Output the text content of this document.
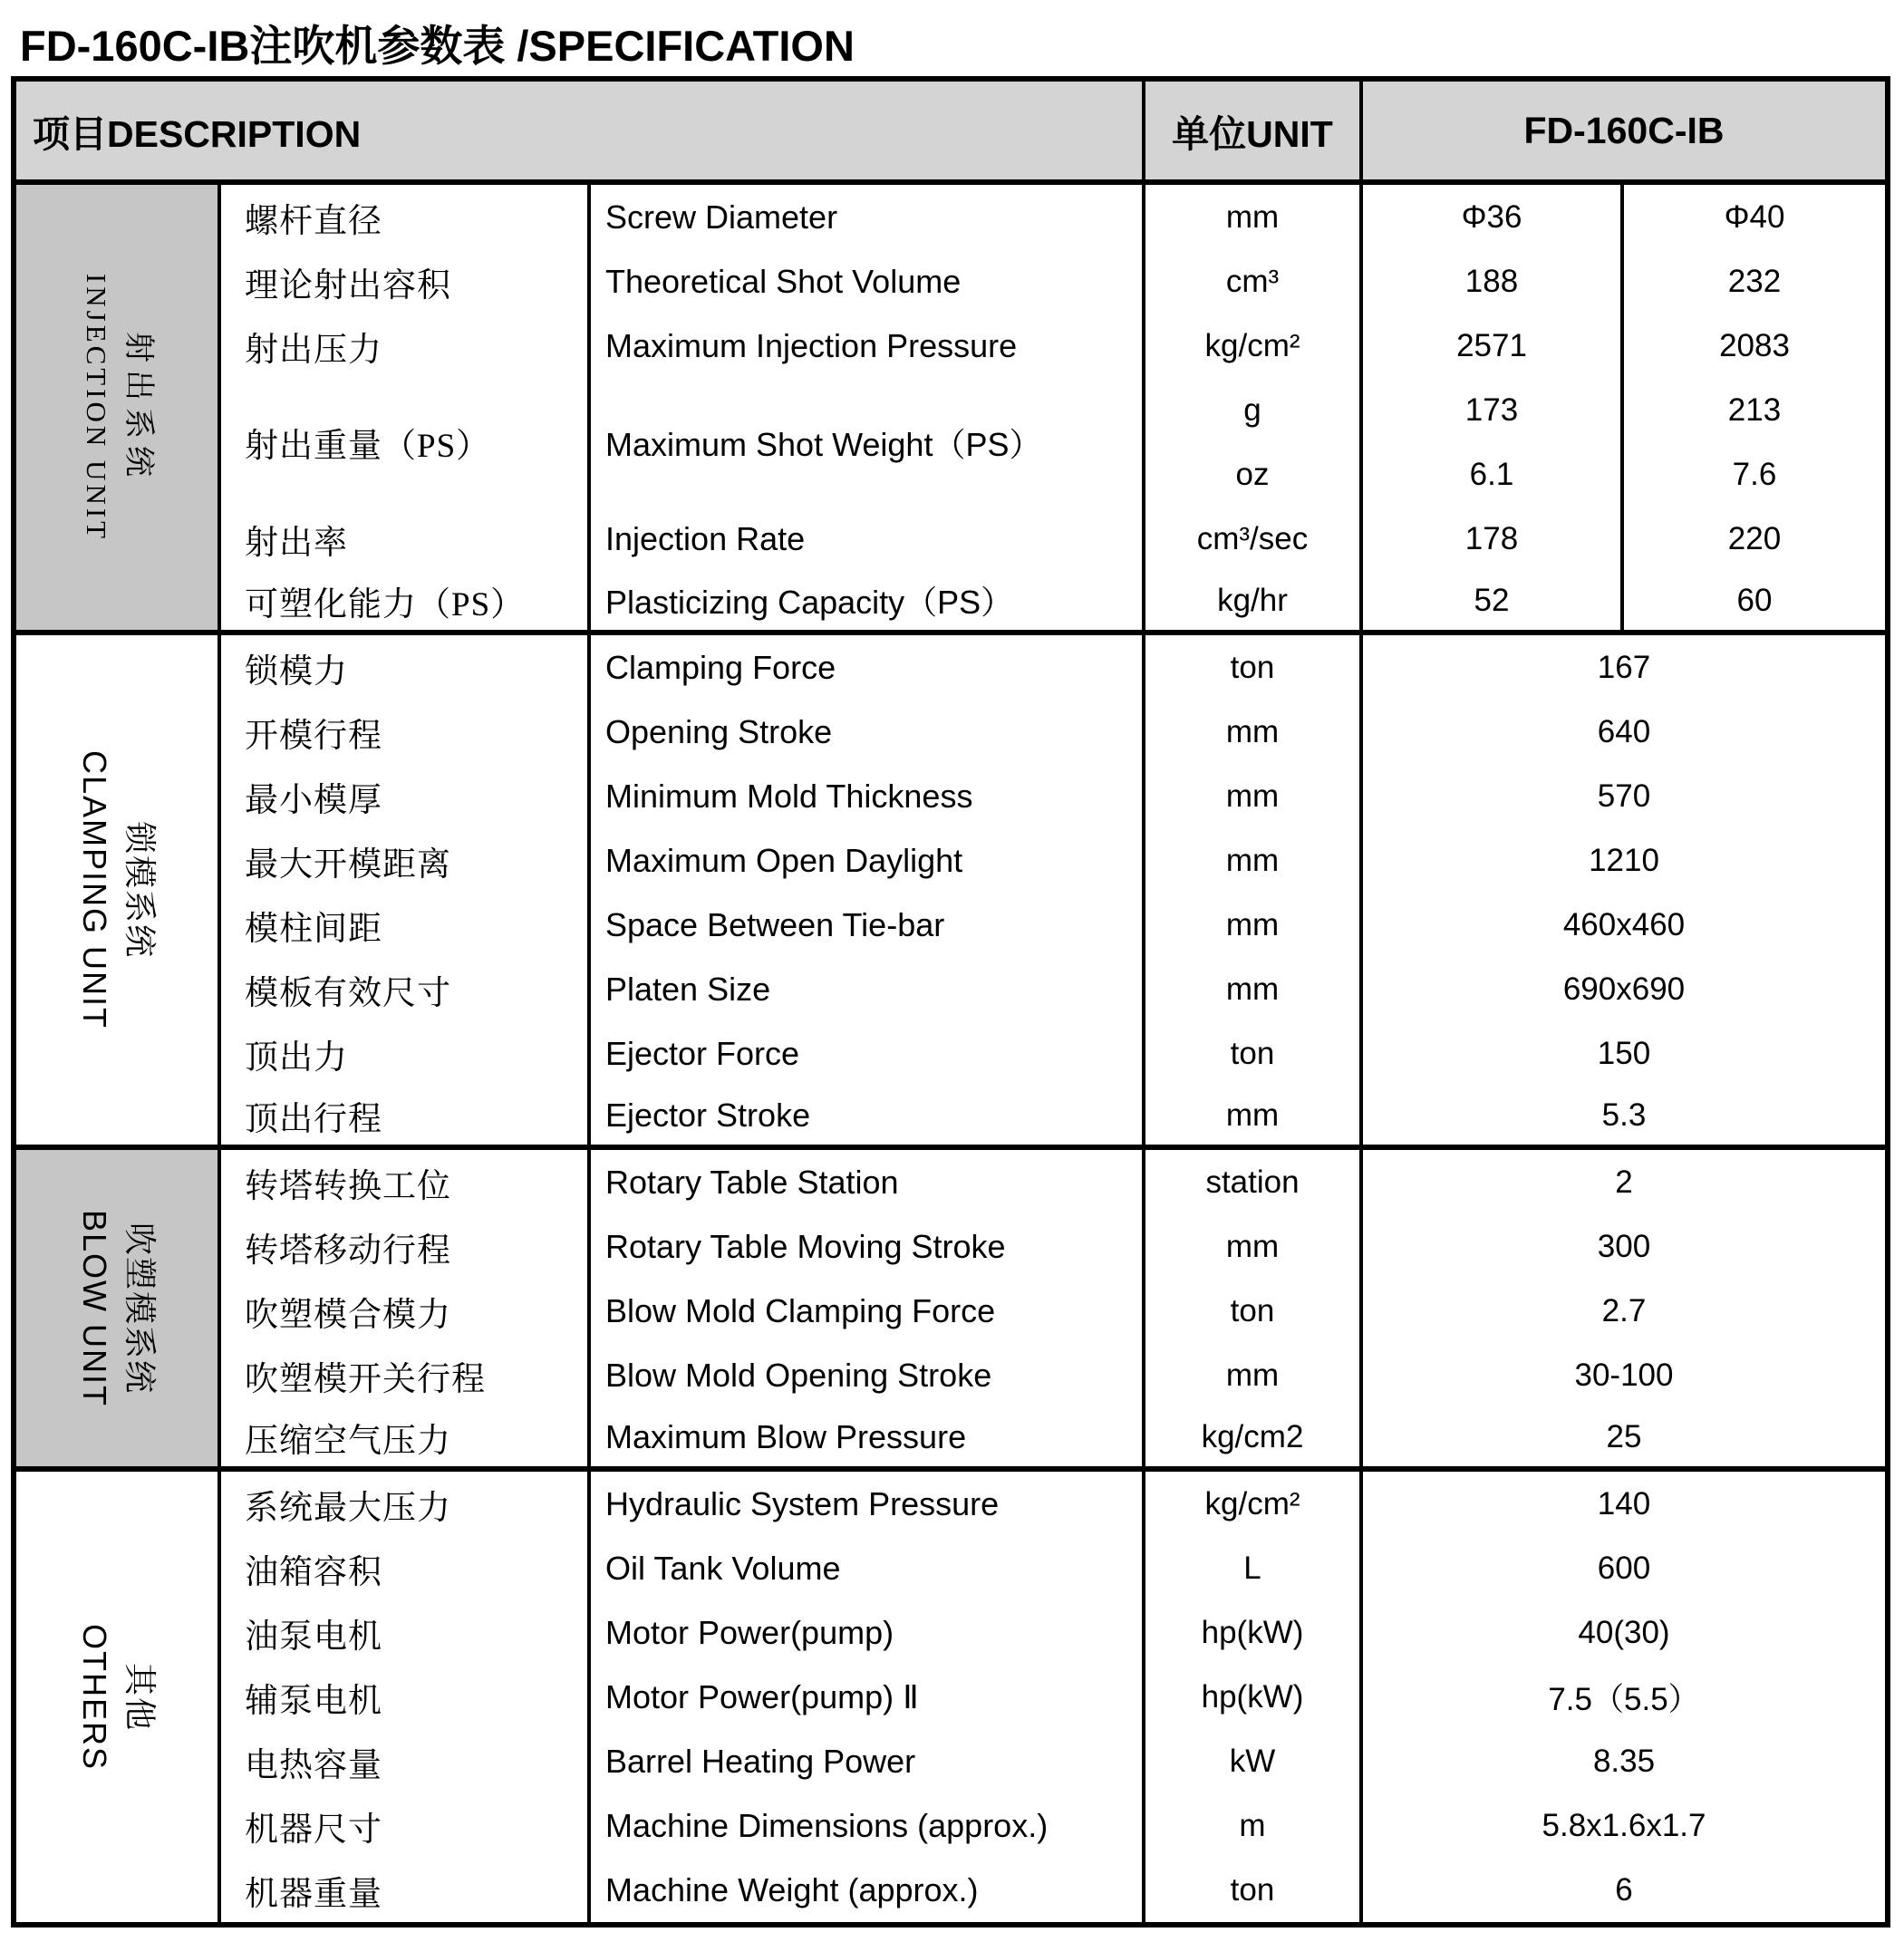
FD-160C-IB注吹机参数表 /SPECIFICATION
项目DESCRIPTION	单位UNIT	FD-160C-IB
射出系统
INJECTION UNIT
螺杆直径	Screw Diameter	mm	Φ36	Φ40
理论射出容积	Theoretical Shot Volume	cm³	188	232
射出压力	Maximum Injection Pressure	kg/cm²	2571	2083
射出重量（PS）	Maximum Shot Weight（PS）
g	173	213
oz	6.1	7.6
射出率	Injection Rate	cm³/sec	178	220
可塑化能力（PS）	Plasticizing Capacity（PS）	kg/hr	52	60
锁模系统
CLAMPING UNIT
锁模力	Clamping Force	ton	167
开模行程	Opening Stroke	mm	640
最小模厚	Minimum Mold Thickness	mm	570
最大开模距离	Maximum Open Daylight	mm	1210
模柱间距	Space Between Tie-bar	mm	460x460
模板有效尺寸	Platen Size	mm	690x690
顶出力	Ejector Force	ton	150
顶出行程	Ejector Stroke	mm	5.3
吹塑模系统
BLOW UNIT
转塔转换工位	Rotary Table Station	station	2
转塔移动行程	Rotary Table Moving Stroke	mm	300
吹塑模合模力	Blow Mold Clamping Force	ton	2.7
吹塑模开关行程	Blow Mold Opening Stroke	mm	30-100
压缩空气压力	Maximum Blow Pressure	kg/cm2	25
其他
OTHERS
系统最大压力	Hydraulic System Pressure	kg/cm²	140
油箱容积	Oil Tank Volume	L	600
油泵电机	Motor Power(pump)	hp(kW)	40(30)
辅泵电机	Motor Power(pump) Ⅱ	hp(kW)	7.5（5.5）
电热容量	Barrel Heating Power	kW	8.35
机器尺寸	Machine Dimensions (approx.)	m	5.8x1.6x1.7
机器重量	Machine Weight (approx.)	ton	6
